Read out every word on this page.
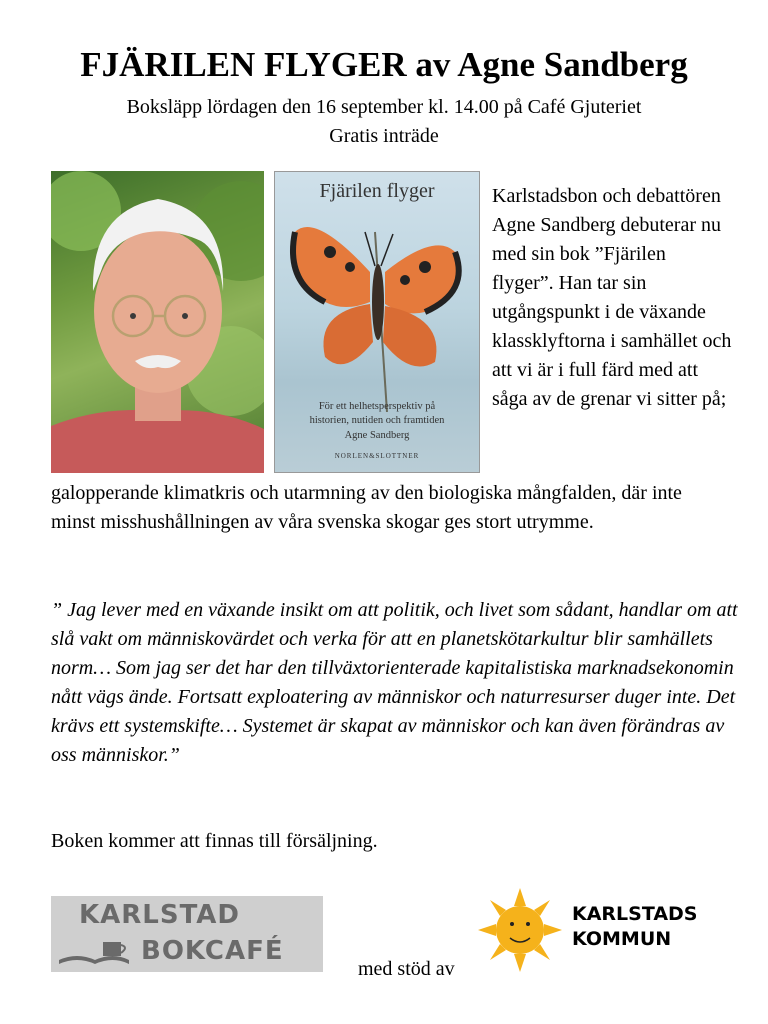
FJÄRILEN FLYGER av Agne Sandberg
Boksläpp lördagen den 16 september kl. 14.00 på Café Gjuteriet
Gratis inträde
Fjärilen flyger
För ett helhetsperspektiv på
historien, nutiden och framtiden
Agne Sandberg
NORLEN&SLOTTNER
Karlstadsbon och debattören Agne Sandberg debuterar nu med sin bok ”Fjärilen flyger”. Han tar sin utgångspunkt i de växande klassklyftorna i samhället och att vi är i full färd med att såga av de grenar vi sitter på;
galopperande klimatkris och utarmning av den biologiska mångfalden, där inte minst misshushållningen av våra svenska skogar ges stort utrymme.
” Jag lever med en växande insikt om att politik, och livet som sådant, handlar om att slå vakt om människovärdet och verka för att en planetskötarkultur blir samhällets norm… Som jag ser det har den tillväxtorienterade kapitalistiska marknadsekonomin nått vägs ände. Fortsatt exploatering av människor och naturresurser duger inte. Det krävs ett systemskifte… Systemet är skapat av människor och kan även förändras av oss människor.”
Boken kommer att finnas till försäljning.
KARLSTAD
BOKCAFÉ
med stöd av
KARLSTADS
KOMMUN
